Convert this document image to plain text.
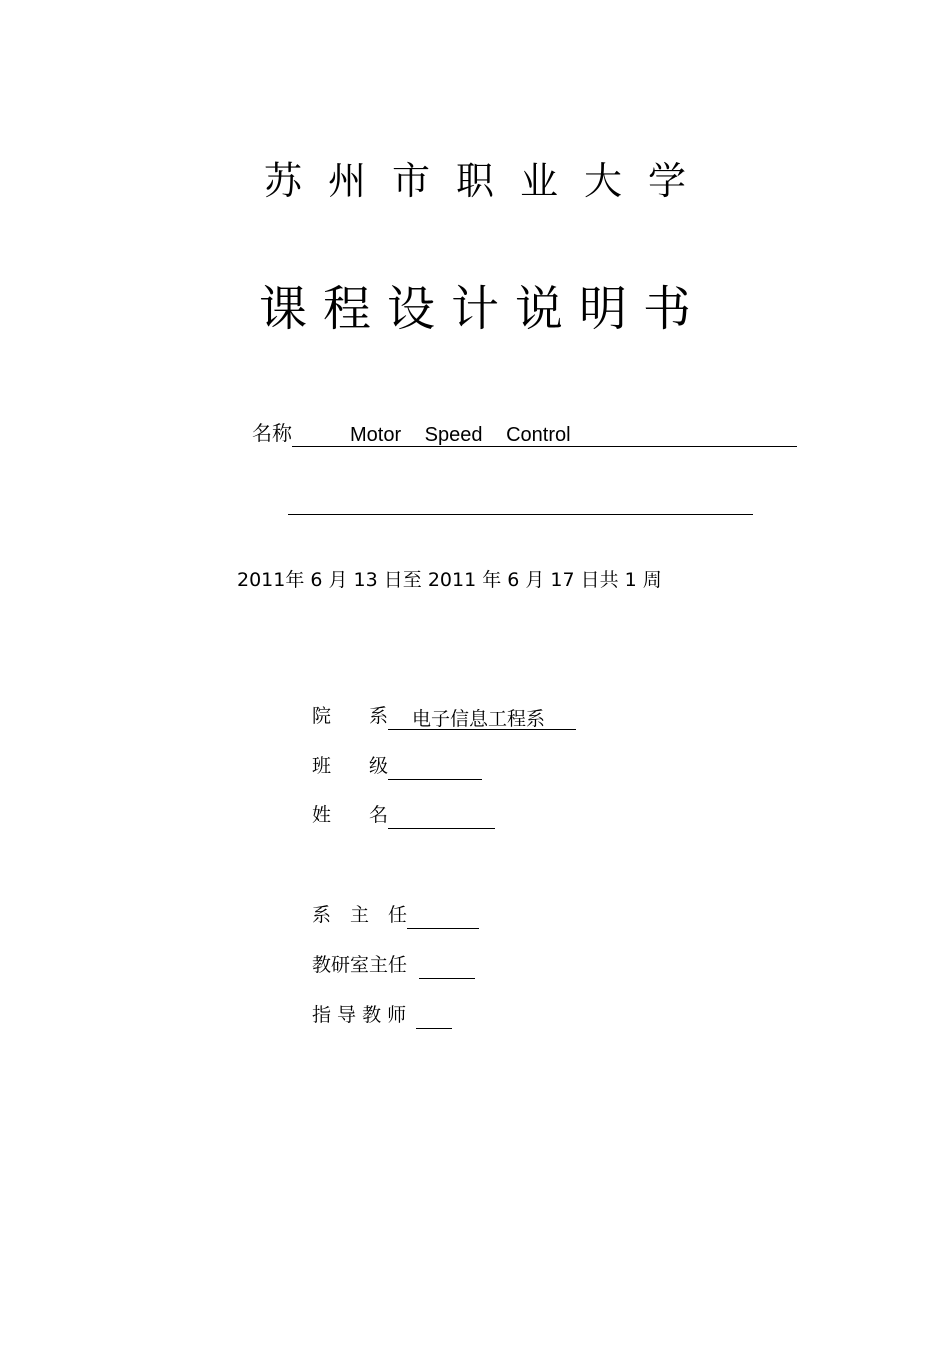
苏州市职业大学
课程设计说明书
名称	Motor Speed Control
2011年 6 月 13 日至 2011 年 6 月 17 日共 1 周
院　　系	电子信息工程系
班　　级
姓　　名
系　主　任
教研室主任
指 导 教 师
